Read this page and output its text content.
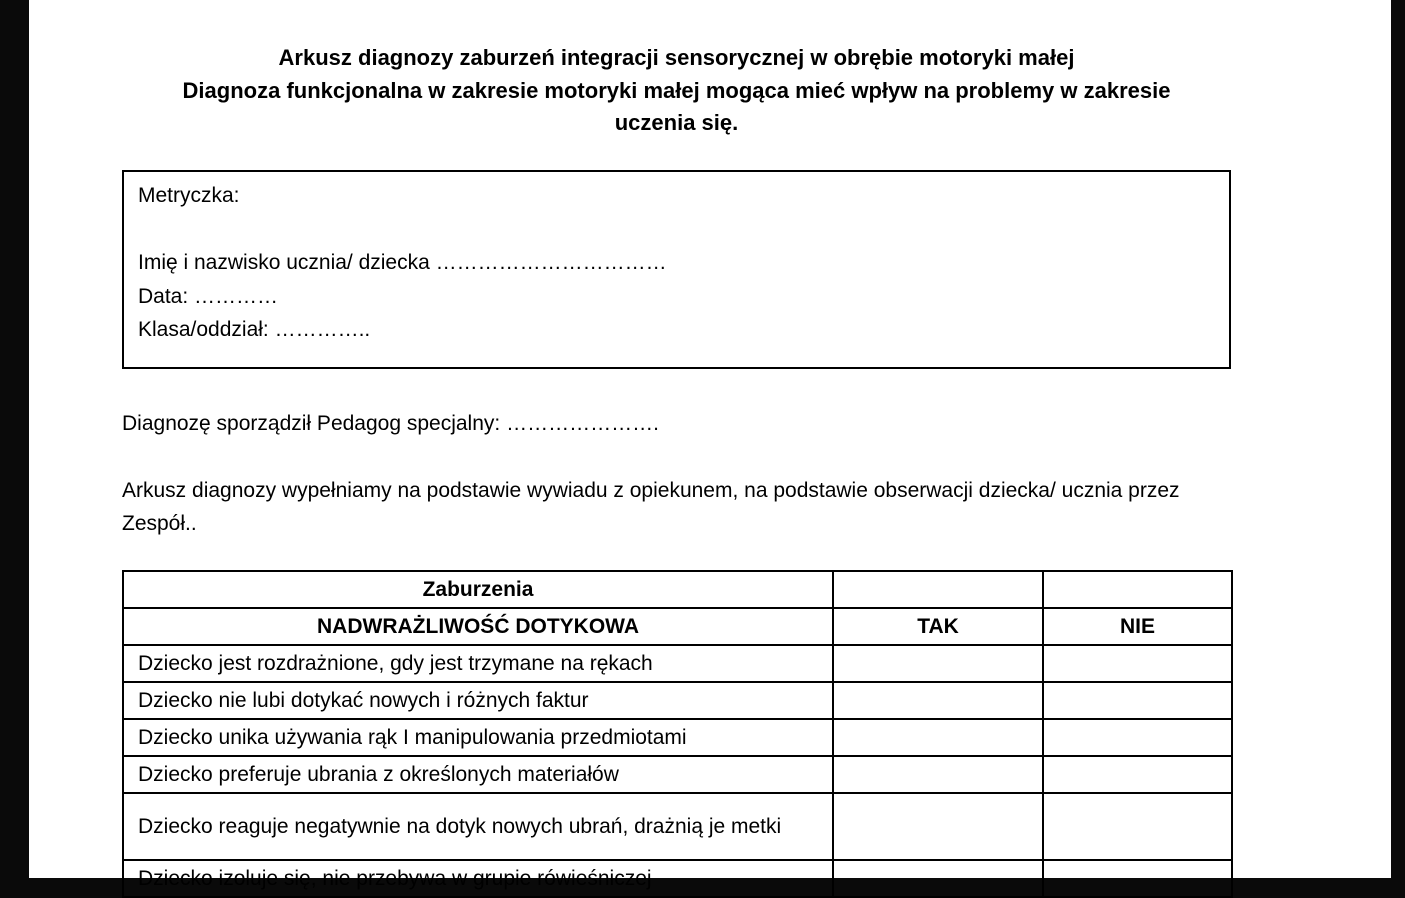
Arkusz diagnozy zaburzeń integracji sensorycznej w obrębie motoryki małej
Diagnoza funkcjonalna w zakresie motoryki małej mogąca mieć wpływ na problemy w zakresie
uczenia się.
Metryczka:
Imię i nazwisko ucznia/ dziecka ……………………………
Data: …………
Klasa/oddział: …………..
Diagnozę sporządził Pedagog specjalny: ………………….
Arkusz diagnozy wypełniamy na podstawie wywiadu z opiekunem, na podstawie obserwacji dziecka/ ucznia przez Zespół..
Zaburzenia		
NADWRAŻLIWOŚĆ DOTYKOWA	TAK	NIE
Dziecko jest rozdrażnione, gdy jest trzymane na rękach		
Dziecko nie lubi dotykać nowych i różnych faktur		
Dziecko unika używania rąk I manipulowania przedmiotami		
Dziecko preferuje ubrania z określonych materiałów		
Dziecko reaguje negatywnie na dotyk nowych ubrań, drażnią je metki		
Dziecko izoluje się, nie przebywa w grupie rówieśniczej		
